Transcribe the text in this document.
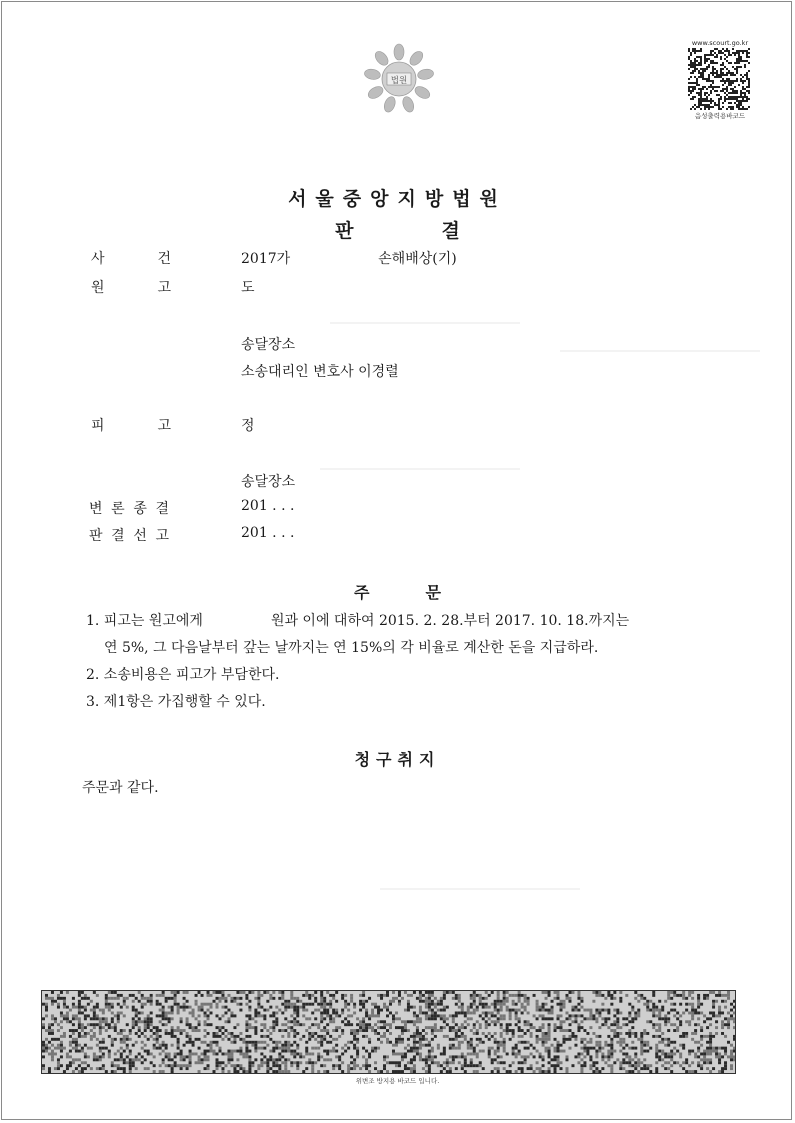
법원
www.scourt.go.kr
음성출력용바코드
서울중앙지방법원
판	결
사	건	2017가	손해배상(기)
원	고	도
송달장소
소송대리인 변호사 이경렬
피	고	정
송달장소
변 론 종 결	201 . . .
판 결 선 고	201 . . .
주	문
1. 피고는 원고에게	원과 이에 대하여 2015. 2. 28.부터 2017. 10. 18.까지는
연 5%, 그 다음날부터 갚는 날까지는 연 15%의 각 비율로 계산한 돈을 지급하라.
2. 소송비용은 피고가 부담한다.
3. 제1항은 가집행할 수 있다.
청구취지
주문과 같다.
위변조 방지용 바코드 입니다.
